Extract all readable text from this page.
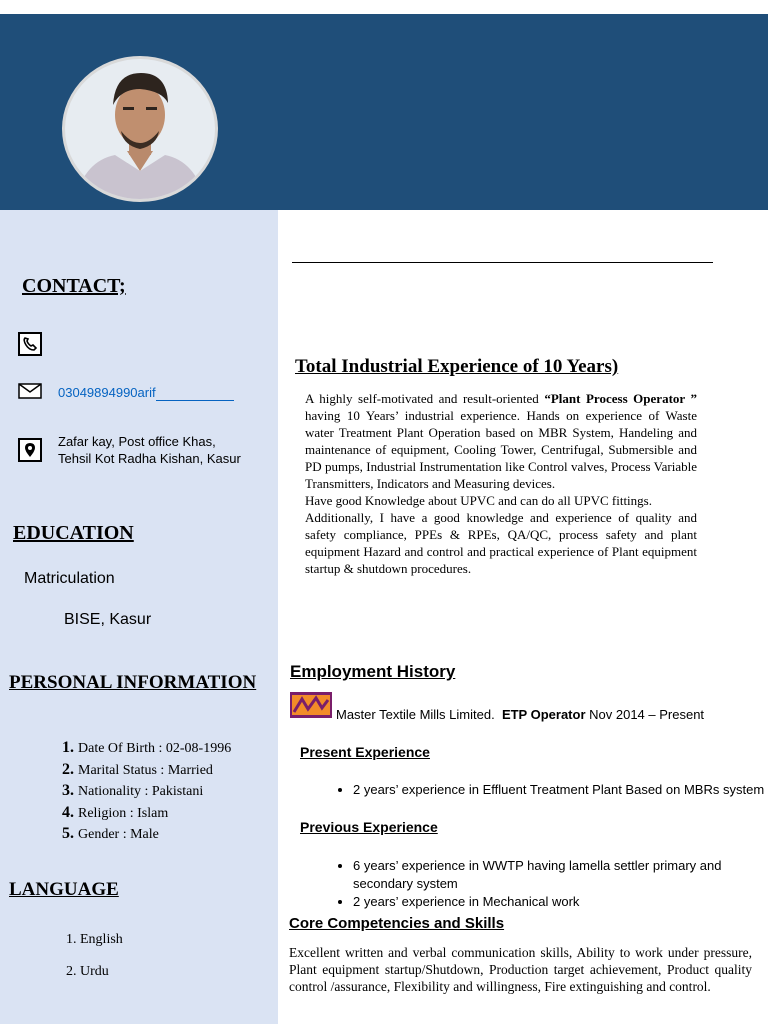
CONTACT;
03049894990arif
Zafar kay, Post office Khas,
Tehsil Kot Radha Kishan, Kasur
EDUCATION
Matriculation
BISE, Kasur
PERSONAL INFORMATION
1. Date Of Birth : 02-08-1996
2. Marital Status : Married
3. Nationality : Pakistani
4. Religion : Islam
5. Gender : Male
LANGUAGE
1. English
2. Urdu
Total Industrial Experience of 10 Years)

A highly self-motivated and result-oriented “Plant Process Operator ” having 10 Years’ industrial experience. Hands on experience of Waste water Treatment Plant Operation based on MBR System, Handeling and maintenance of equipment, Cooling Tower, Centrifugal, Submersible and PD pumps, Industrial Instrumentation like Control valves, Process Variable Transmitters, Indicators and Measuring devices.

Have good Knowledge about UPVC and can do all UPVC fittings.

Additionally, I have a good knowledge and experience of quality and safety compliance, PPEs & RPEs, QA/QC, process safety and plant equipment Hazard and control and practical experience of Plant equipment startup & shutdown procedures.

Employment History
Master Textile Mills Limited. ETP Operator Nov 2014 – Present
Present Experience
• 2 years’ experience in Effluent Treatment Plant Based on MBRs system
Previous Experience
• 6 years’ experience in WWTP having lamella settler primary and secondary system
• 2 years’ experience in Mechanical work
Core Competencies and Skills

Excellent written and verbal communication skills, Ability to work under pressure, Plant equipment startup/Shutdown, Production target achievement, Product quality control /assurance, Flexibility and willingness, Fire extinguishing and control.
